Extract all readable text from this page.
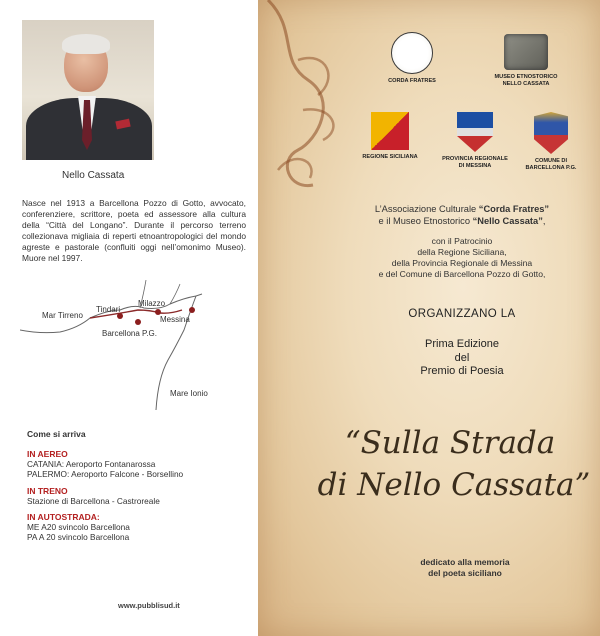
Nello Cassata

Nasce nel 1913 a Barcellona Pozzo di Gotto, avvocato, conferenziere, scrittore, poeta ed assessore alla cultura della “Città del Longano”. Durante il percorso terreno collezionava migliaia di reperti etnoantropologici del mondo agreste e pastorale (confluiti oggi nell’omonimo Museo). Muore nel 1997.

Mar Tirreno
Tindari
Milazzo
Messina
Barcellona P.G.
Mare Ionio
Come si arriva
IN AEREO
CATANIA: Aeroporto Fontanarossa
PALERMO: Aeroporto Falcone - Borsellino
IN TRENO
Stazione di Barcellona - Castroreale
IN AUTOSTRADA:
ME A20 svincolo Barcellona
PA A 20 svincolo Barcellona
www.pubblisud.it
CORDA FRATRES
MUSEO ETNOSTORICO
NELLO CASSATA
REGIONE SICILIANA	PROVINCIA REGIONALE
DI MESSINA
COMUNE DI
BARCELLONA P.G.
L’Associazione Culturale “Corda Fratres”
e il Museo Etnostorico “Nello Cassata”,
con il Patrocinio
della Regione Siciliana,
della Provincia Regionale di Messina
e del Comune di Barcellona Pozzo di Gotto,
ORGANIZZANO LA
Prima Edizione
del
Premio di Poesia
“Sulla Strada
di Nello Cassata”
dedicato alla memoria
del poeta siciliano
